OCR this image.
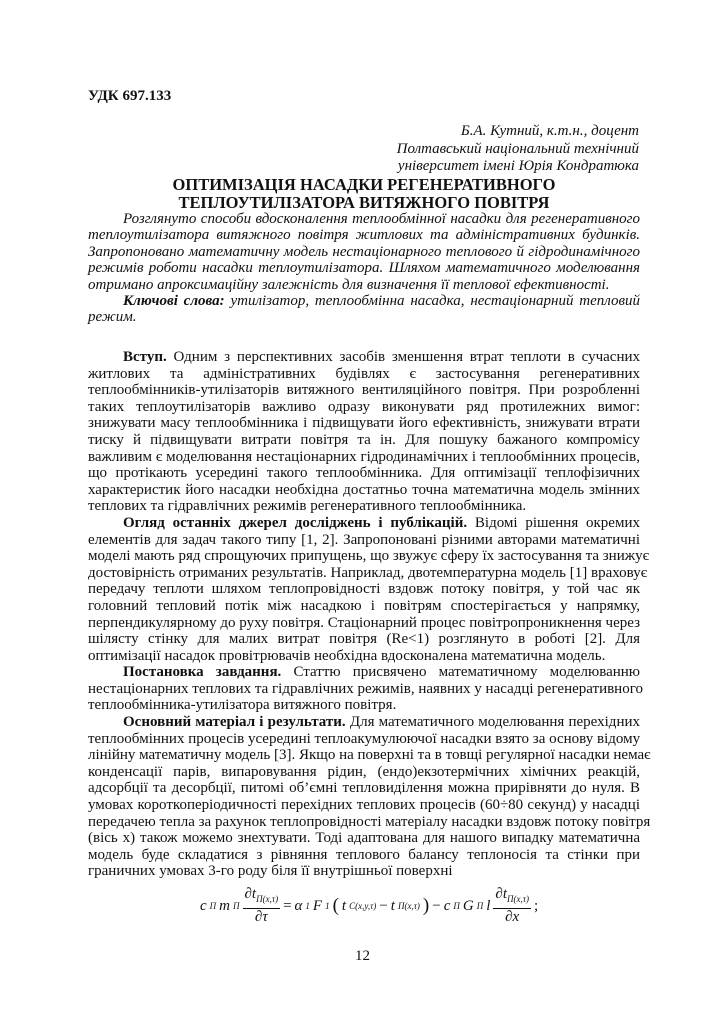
УДК 697.133
Б.А. Кутний, к.т.н., доцент
Полтавський національний технічний
університет імені Юрія Кондратюка
ОПТИМІЗАЦІЯ НАСАДКИ РЕГЕНЕРАТИВНОГО
ТЕПЛОУТИЛІЗАТОРА ВИТЯЖНОГО ПОВІТРЯ
Розглянуто способи вдосконалення теплообмінної насадки для регенеративного
теплоутилізатора витяжного повітря житлових та адміністративних будинків.
Запропоновано математичну модель нестаціонарного теплового й гідродинамічного
режимів роботи насадки теплоутилізатора. Шляхом математичного моделювання
отримано апроксимаційну залежність для визначення її теплової ефективності.
Ключові слова: утилізатор, теплообмінна насадка, нестаціонарний тепловий
режим.
Вступ. Одним з перспективних засобів зменшення втрат теплоти в сучасних
житлових та адміністративних будівлях є застосування регенеративних
теплообмінників-утилізаторів витяжного вентиляційного повітря. При розробленні
таких теплоутилізаторів важливо одразу виконувати ряд протилежних вимог:
знижувати масу теплообмінника і підвищувати його ефективність, знижувати втрати
тиску й підвищувати витрати повітря та ін. Для пошуку бажаного компромісу
важливим є моделювання нестаціонарних гідродинамічних і теплообмінних процесів,
що протікають усередині такого теплообмінника. Для оптимізації теплофізичних
характеристик його насадки необхідна достатньо точна математична модель змінних
теплових та гідравлічних режимів регенеративного теплообмінника.
Огляд останніх джерел досліджень і публікацій. Відомі рішення окремих
елементів для задач такого типу [1, 2]. Запропоновані різними авторами математичні
моделі мають ряд спрощуючих припущень, що звужує сферу їх застосування та знижує
достовірність отриманих результатів. Наприклад, двотемпературна модель [1] враховує
передачу теплоти шляхом теплопровідності вздовж потоку повітря, у той час як
головний тепловий потік між насадкою і повітрям спостерігається у напрямку,
перпендикулярному до руху повітря. Стаціонарний процес повітропроникнення через
шілясту стінку для малих витрат повітря (Re<1) розглянуто в роботі [2]. Для
оптимізації насадок провітрювачів необхідна вдосконалена математична модель.
Постановка завдання. Статтю присвячено математичному моделюванню
нестаціонарних теплових та гідравлічних режимів, наявних у насадці регенеративного
теплообмінника-утилізатора витяжного повітря.
Основний матеріал і результати. Для математичного моделювання перехідних
теплообмінних процесів усередині теплоакумулюючої насадки взято за основу відому
лінійну математичну модель [3]. Якщо на поверхні та в товщі регулярної насадки немає
конденсації парів, випаровування рідин, (ендо)екзотермічних хімічних реакцій,
адсорбції та десорбції, питомі об’ємні тепловиділення можна прирівняти до нуля. В
умовах короткоперіодичності перехідних теплових процесів (60÷80 секунд) у насадці
передачею тепла за рахунок теплопровідності матеріалу насадки вздовж потоку повітря
(вісь x) також можемо знехтувати. Тоді адаптована для нашого випадку математична
модель буде складатися з рівняння теплового балансу теплоносія та стінки при
граничних умовах 3-го роду біля її внутрішньої поверхні
c П m П $\frac{\partial t_{П(x,\tau)}}{\partial\tau} = \alpha$ 1 F 1 ( t C(x,y,τ) − t П(x,τ) ) − c П G П l $\frac{\partial t_{П(x,\tau)}}{\partial x}$ ;
12
